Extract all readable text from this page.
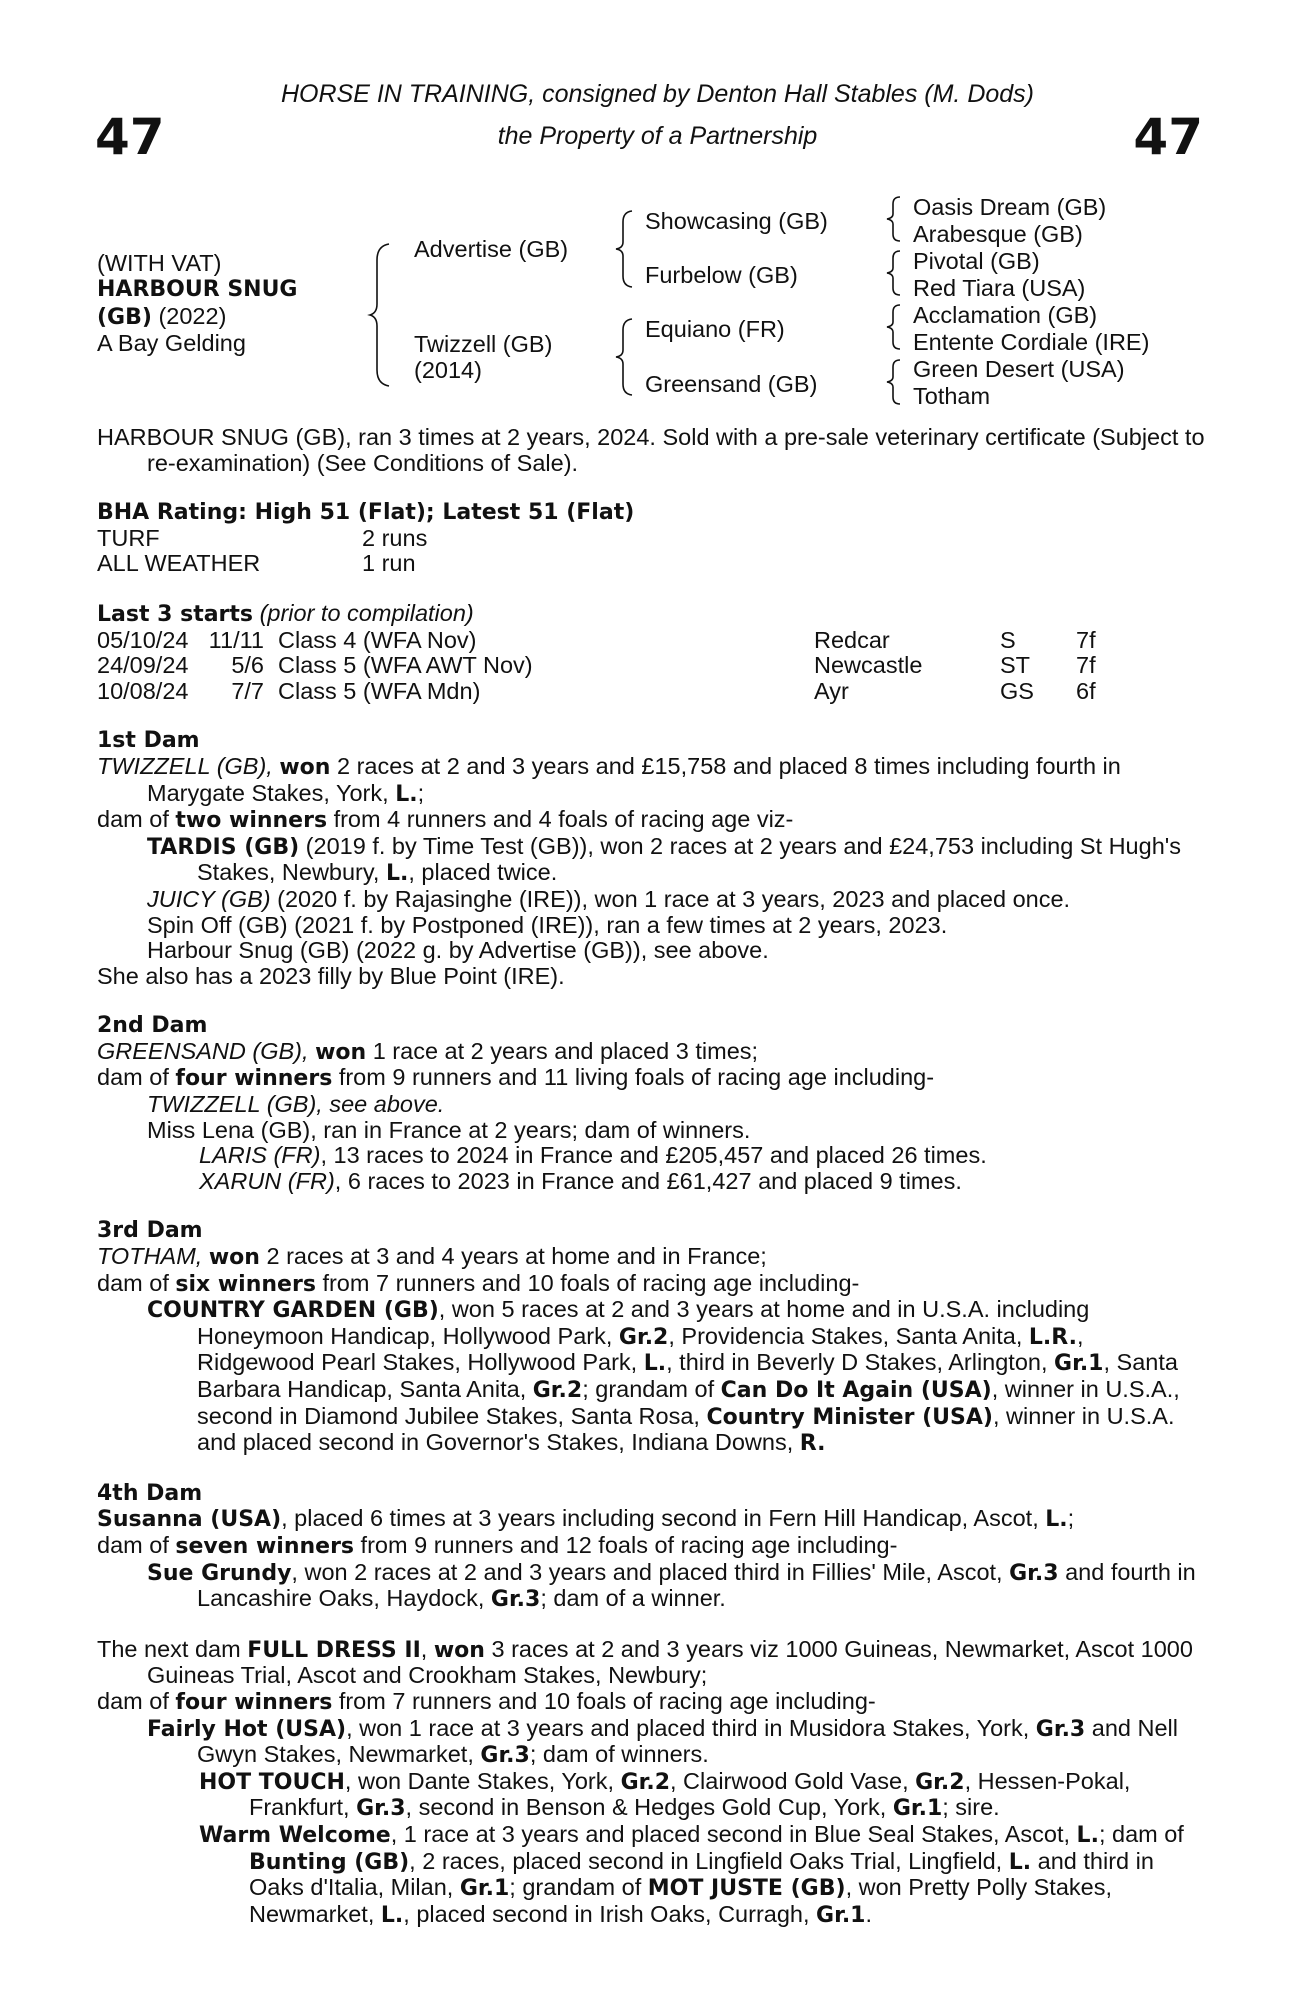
47	47
HORSE IN TRAINING, consigned by Denton Hall Stables (M. Dods)
the Property of a Partnership
(WITH VAT)
HARBOUR SNUG
(GB) (2022)
A Bay Gelding
Advertise (GB)
Twizzell (GB)
(2014)
Showcasing (GB)
Furbelow (GB)
Equiano (FR)
Greensand (GB)
Oasis Dream (GB)
Arabesque (GB)
Pivotal (GB)
Red Tiara (USA)
Acclamation (GB)
Entente Cordiale (IRE)
Green Desert (USA)
Totham
HARBOUR SNUG (GB), ran 3 times at 2 years, 2024. Sold with a pre-sale veterinary certificate (Subject to re-examination) (See Conditions of Sale).
BHA Rating: High 51 (Flat); Latest 51 (Flat)
TURF	2 runs
ALL WEATHER	1 run
Last 3 starts (prior to compilation)
05/10/24 11/11 Class 4 (WFA Nov)	Redcar	S	7f
24/09/24	5/6 Class 5 (WFA AWT Nov)	Newcastle	ST	7f
10/08/24	7/7 Class 5 (WFA Mdn)	Ayr	GS	6f
1st Dam
TWIZZELL (GB), won 2 races at 2 and 3 years and £15,758 and placed 8 times including fourth in Marygate Stakes, York, L.;
dam of two winners from 4 runners and 4 foals of racing age viz-
TARDIS (GB) (2019 f. by Time Test (GB)), won 2 races at 2 years and £24,753 including St Hugh's Stakes, Newbury, L., placed twice.
JUICY (GB) (2020 f. by Rajasinghe (IRE)), won 1 race at 3 years, 2023 and placed once.
Spin Off (GB) (2021 f. by Postponed (IRE)), ran a few times at 2 years, 2023.
Harbour Snug (GB) (2022 g. by Advertise (GB)), see above.
She also has a 2023 filly by Blue Point (IRE).
2nd Dam
GREENSAND (GB), won 1 race at 2 years and placed 3 times;
dam of four winners from 9 runners and 11 living foals of racing age including-
TWIZZELL (GB), see above.
Miss Lena (GB), ran in France at 2 years; dam of winners.
LARIS (FR), 13 races to 2024 in France and £205,457 and placed 26 times.
XARUN (FR), 6 races to 2023 in France and £61,427 and placed 9 times.
3rd Dam
TOTHAM, won 2 races at 3 and 4 years at home and in France;
dam of six winners from 7 runners and 10 foals of racing age including-
COUNTRY GARDEN (GB), won 5 races at 2 and 3 years at home and in U.S.A. including Honeymoon Handicap, Hollywood Park, Gr.2, Providencia Stakes, Santa Anita, L.R., Ridgewood Pearl Stakes, Hollywood Park, L., third in Beverly D Stakes, Arlington, Gr.1, Santa Barbara Handicap, Santa Anita, Gr.2; grandam of Can Do It Again (USA), winner in U.S.A., second in Diamond Jubilee Stakes, Santa Rosa, Country Minister (USA), winner in U.S.A. and placed second in Governor's Stakes, Indiana Downs, R.
4th Dam
Susanna (USA), placed 6 times at 3 years including second in Fern Hill Handicap, Ascot, L.;
dam of seven winners from 9 runners and 12 foals of racing age including-
Sue Grundy, won 2 races at 2 and 3 years and placed third in Fillies' Mile, Ascot, Gr.3 and fourth in Lancashire Oaks, Haydock, Gr.3; dam of a winner.
The next dam FULL DRESS II, won 3 races at 2 and 3 years viz 1000 Guineas, Newmarket, Ascot 1000 Guineas Trial, Ascot and Crookham Stakes, Newbury;
dam of four winners from 7 runners and 10 foals of racing age including-
Fairly Hot (USA), won 1 race at 3 years and placed third in Musidora Stakes, York, Gr.3 and Nell Gwyn Stakes, Newmarket, Gr.3; dam of winners.
HOT TOUCH, won Dante Stakes, York, Gr.2, Clairwood Gold Vase, Gr.2, Hessen-Pokal, Frankfurt, Gr.3, second in Benson & Hedges Gold Cup, York, Gr.1; sire.
Warm Welcome, 1 race at 3 years and placed second in Blue Seal Stakes, Ascot, L.; dam of Bunting (GB), 2 races, placed second in Lingfield Oaks Trial, Lingfield, L. and third in Oaks d'Italia, Milan, Gr.1; grandam of MOT JUSTE (GB), won Pretty Polly Stakes, Newmarket, L., placed second in Irish Oaks, Curragh, Gr.1.
